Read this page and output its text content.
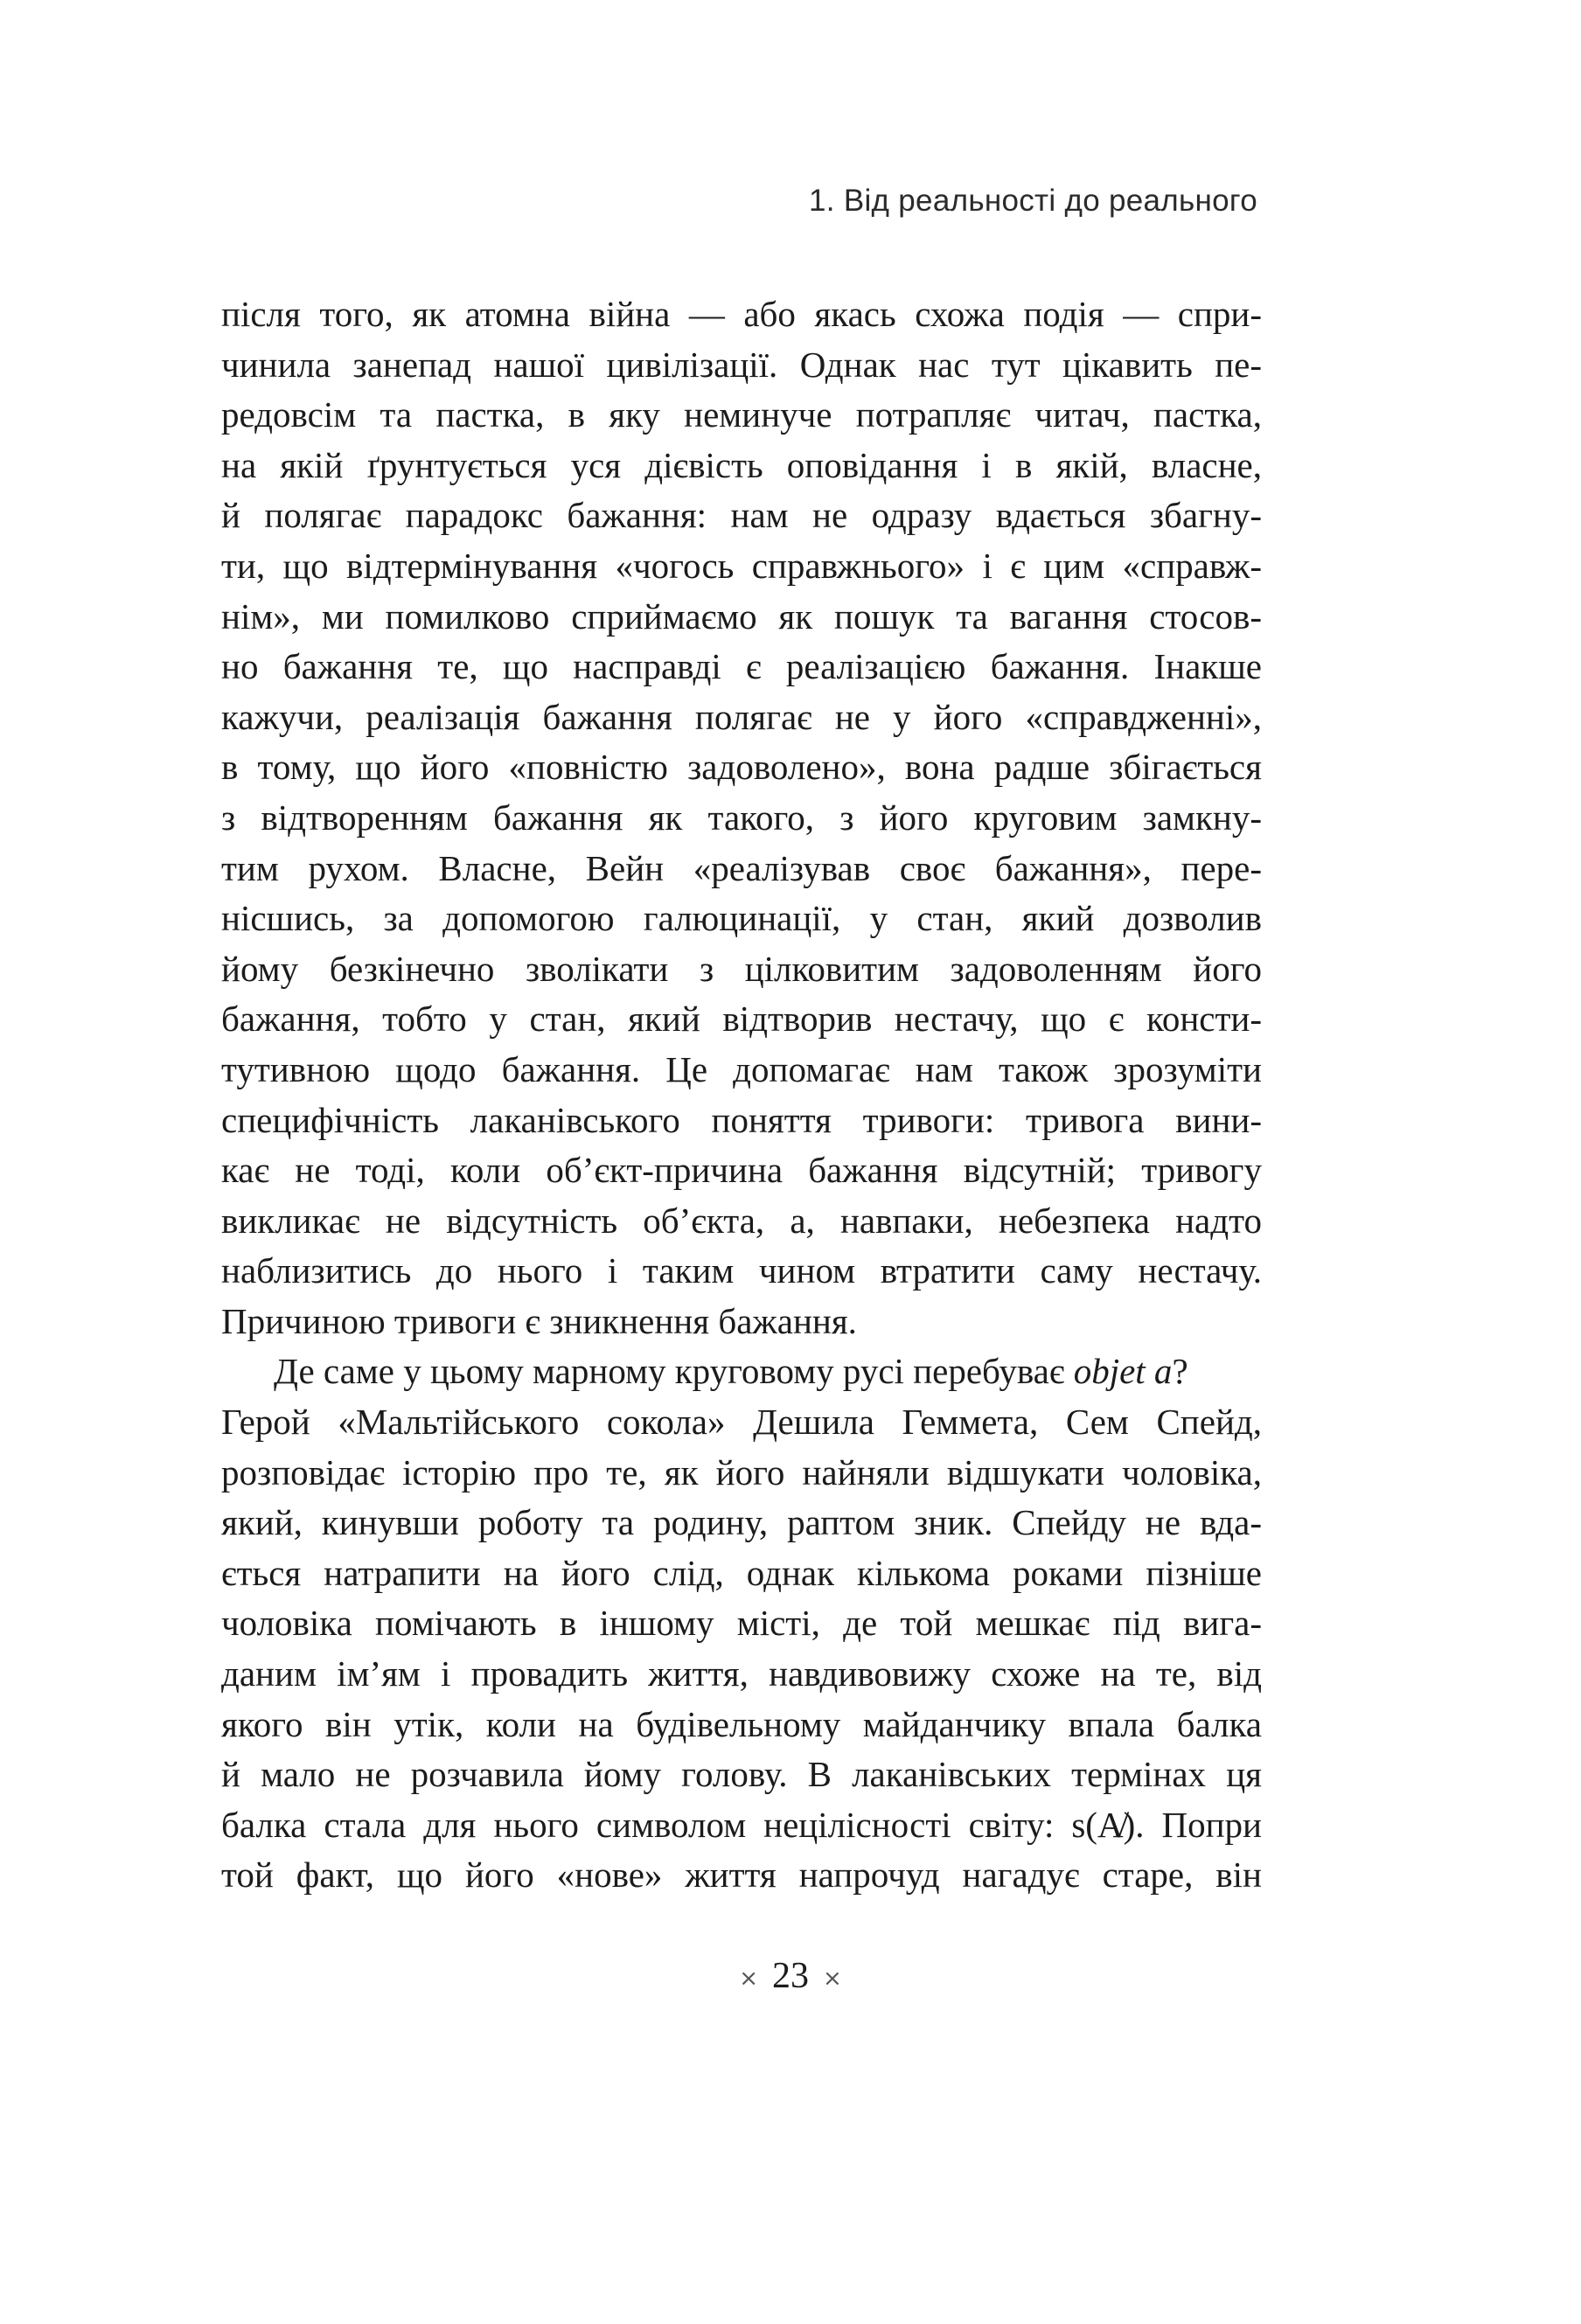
1. Від реальності до реального
після того, як атомна війна — або якась схожа подія — спри-
чинила занепад нашої цивілізації. Однак нас тут цікавить пе-
редовсім та пастка, в яку неминуче потрапляє читач, пастка,
на якій ґрунтується уся дієвість оповідання і в якій, власне,
й полягає парадокс бажання: нам не одразу вдається збагну-
ти, що відтермінування «чогось справжнього» і є цим «справж-
нім», ми помилково сприймаємо як пошук та вагання стосов-
но бажання те, що насправді є реалізацією бажання. Інакше
кажучи, реалізація бажання полягає не у його «справдженні»,
в тому, що його «повністю задоволено», вона радше збігається
з відтворенням бажання як такого, з його круговим замкну-
тим рухом. Власне, Вейн «реалізував своє бажання», пере-
нісшись, за допомогою галюцинації, у стан, який дозволив
йому безкінечно зволікати з цілковитим задоволенням його
бажання, тобто у стан, який відтворив нестачу, що є консти-
тутивною щодо бажання. Це допомагає нам також зрозуміти
специфічність лаканівського поняття тривоги: тривога вини-
кає не тоді, коли об’єкт-причина бажання відсутній; тривогу
викликає не відсутність об’єкта, а, навпаки, небезпека надто
наблизитись до нього і таким чином втратити саму нестачу.
Причиною тривоги є зникнення бажання.
Де саме у цьому марному круговому русі перебуває objet a?
Герой «Мальтійського сокола» Дешила Геммета, Сем Спейд,
розповідає історію про те, як його найняли відшукати чоловіка,
який, кинувши роботу та родину, раптом зник. Спейду не вда-
ється натрапити на його слід, однак кількома роками пізніше
чоловіка помічають в іншому місті, де той мешкає під вига-
даним ім’ям і провадить життя, навдивовижу схоже на те, від
якого він утік, коли на будівельному майданчику впала балка
й мало не розчавила йому голову. В лаканівських термінах ця
балка стала для нього символом нецілісності світу: s(A̸). Попри
той факт, що його «нове» життя напрочуд нагадує старе, він
× 23 ×
